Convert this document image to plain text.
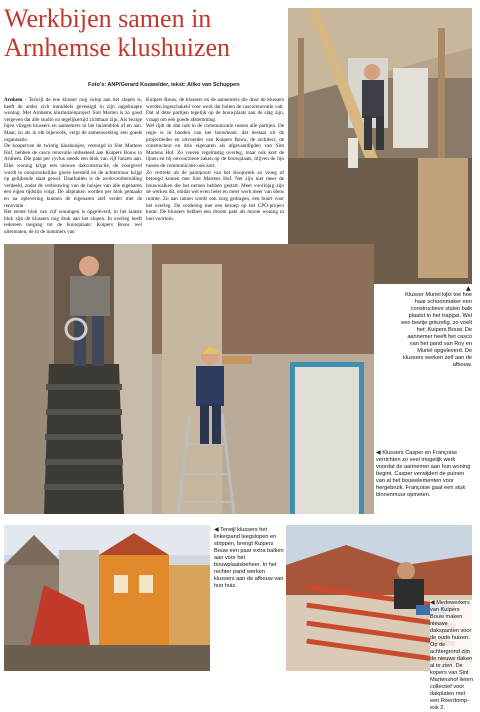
Werkbijen samen in
Arnhemse klushuizen
Foto's: ANP/Gerard Kouwelder, tekst: Aliko van Schuppen
Arnhem - Terwijl de ene klusser nog volop aan het slopen is, heeft de ander zich inmiddels gevestigd in zijn opgeknapte woning. Met Arnhems klushuizenproject Sint Marten is zo goed vergeven dat alle studio nu tegelijkertijd zichtbaar zijn. Als bezige bijen vliegen klussers en aannemers in het huizenblok af en aan. Maar, zo als in elk bijenvolk, vergt de samenwerking een goede organisatie.
De koopervan de twintig klushuisjes, verenigd in Sint Martens Hof, hebben de casco renovatie uitbesteed aan Kuipers Bouw in Arnhem. Die pakt per cyclus steeds een blok van vijf huizen aan. Elke woning krijgt een nieuwe dakconstructie, de voorgevel wordt in oorspronkelijke glorie hersteld en de achtermuur krijgt op gelijkende staat gewel. Daarbuiten is de werkvoorbereiding verdeeld, zodat de verbouwing van de huisjes van alle eigenaren een eigen tijdslijn volgt. De afspraken worden per blok gemaakt en na oplevering kunnen de eigenaren zelf verder met de renovatie.
Het eerste blok van vijf woningen is opgeleverd, in het laatste blok zijn de klussers nog druk aan het slopen. In overleg heeft iedereen toegang tot de bouwplaats: Kuipers Bouw wel uitermaten, de in de nummers van
Kuipers Bouw, de klussers en de aannemers die door de klussers worden ingeschakeld voor werk dat buiten de cascorenovatie valt. Dat al deze partijen tegelijk op de bouwplaats aan de slag zijn, vraagt om een goede afstemming.
Wel rijdt de dan ook in de communicatie tussen alle partijen. De regie is in handen van het bouwteam, dat bestaat uit de projectleider en uitvoerder van Kuipers Bouw, de architect, de constructeur en drie eigenaren als afgevaardigden van Sint Martens Hof. Zo voeren regelmatig overleg, maar ook kort de lijnen en bij onvoorziene zaken op de bouwplaats, blijven de lijn tussen de communicatie ook kort.
Zo vertrekt uit de paintpoort van het sloopwerk zo vroeg of betoogd komen met Sint Martens Hof. Net zijn niet meer de bouwwalken die het nemen hebben gestart. Meer voorlopig zijn de werken dit, omdat wel even beter en meer werk meer van diens ruimte. Zo aan ramen wordt ook zorg gedragen, een buurt voor het overleg. De verdeling met een beroep op het CPO-project komt. De klussers hebben een droom pakt als mooie woning in hun voortuin.
▲
Klusser Muriel kijkt toe hoe haar schoonmaker een constructieve stalen balk plaatst in het trapgat. Wel een beetje griezelig, zo voelt het: Kuipers Bouw. De aannemer heeft het casco van het pand van Roy en Muriel opgeleverd. De klussers werken zelf aan de afbouw.
◀ Klussers Casper en Françoise verrichten zo veel mogelijk werk voordat de aannemer aan hun woning begint. Casper verwijdert de puinen van al het bouwelementen voor hergebruik. Françoise gaat een stuk binnenmuur opmeten.
◀ Terwijl klussers het linkerpand leegslopen en strippen, brengt Kuipers Bouw een paar extra balken aan voor het bouwplaatsbeheer. In het rechter pand werken klussers aan de afbouw van hun huis.
◀ Medewerkers van Kuipers Bouw maken nieuwe dakspanten voor de oude huizen. Op de achtergrond zijn de nieuwe daken al te zien. De kopers van Sint Martenshof lieten collectief voor dakplaten met een Roerdomp-esk 2.
